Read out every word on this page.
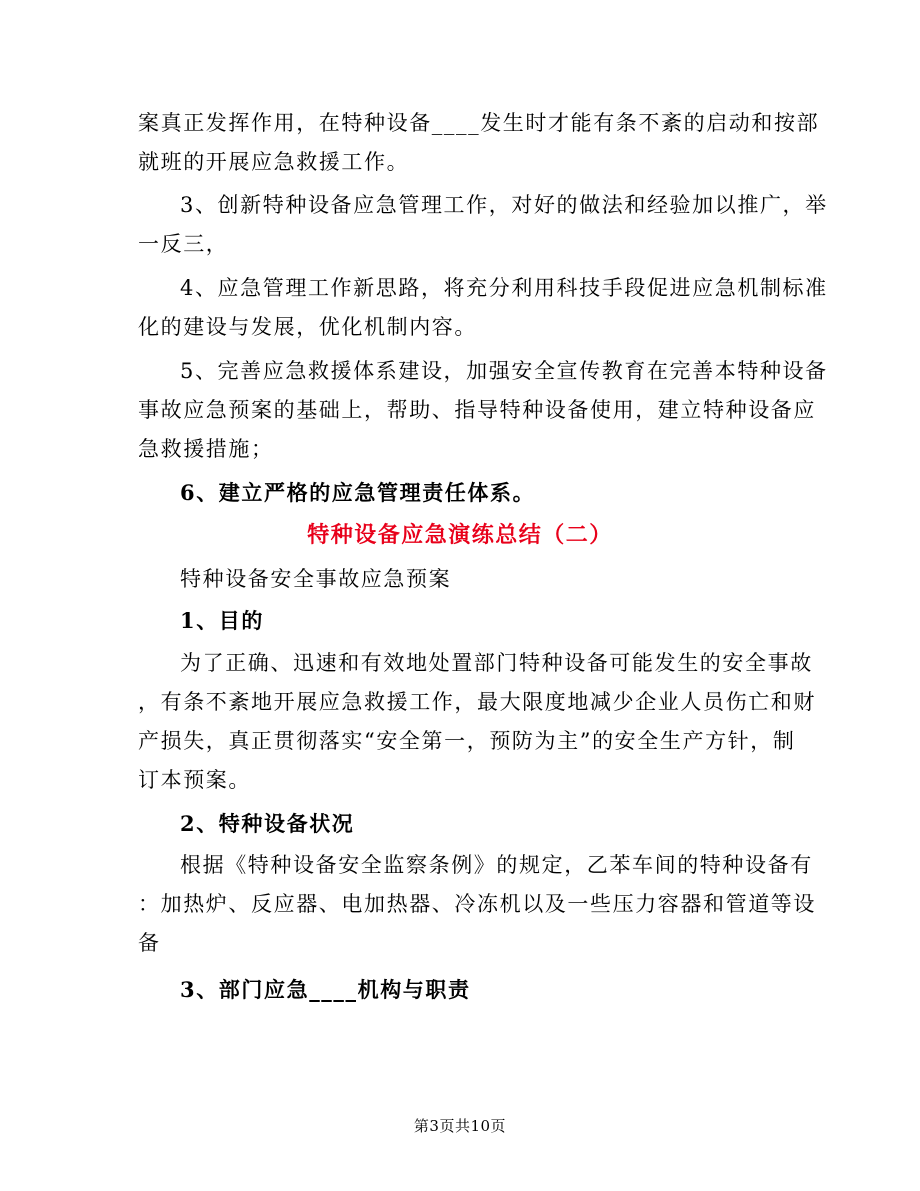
案真正发挥作用，在特种设备____发生时才能有条不紊的启动和按部
就班的开展应急救援工作。
3、创新特种设备应急管理工作，对好的做法和经验加以推广，举
一反三，
4、应急管理工作新思路，将充分利用科技手段促进应急机制标准
化的建设与发展，优化机制内容。
5、完善应急救援体系建设，加强安全宣传教育在完善本特种设备
事故应急预案的基础上，帮助、指导特种设备使用，建立特种设备应
急救援措施；
6、建立严格的应急管理责任体系。
特种设备应急演练总结（二）
特种设备安全事故应急预案
1、目的
为了正确、迅速和有效地处置部门特种设备可能发生的安全事故
，有条不紊地开展应急救援工作，最大限度地减少企业人员伤亡和财
产损失，真正贯彻落实“安全第一，预防为主”的安全生产方针，制
订本预案。
2、特种设备状况
根据《特种设备安全监察条例》的规定，乙苯车间的特种设备有
：加热炉、反应器、电加热器、冷冻机以及一些压力容器和管道等设
备
3、部门应急____机构与职责
第3页共10页
